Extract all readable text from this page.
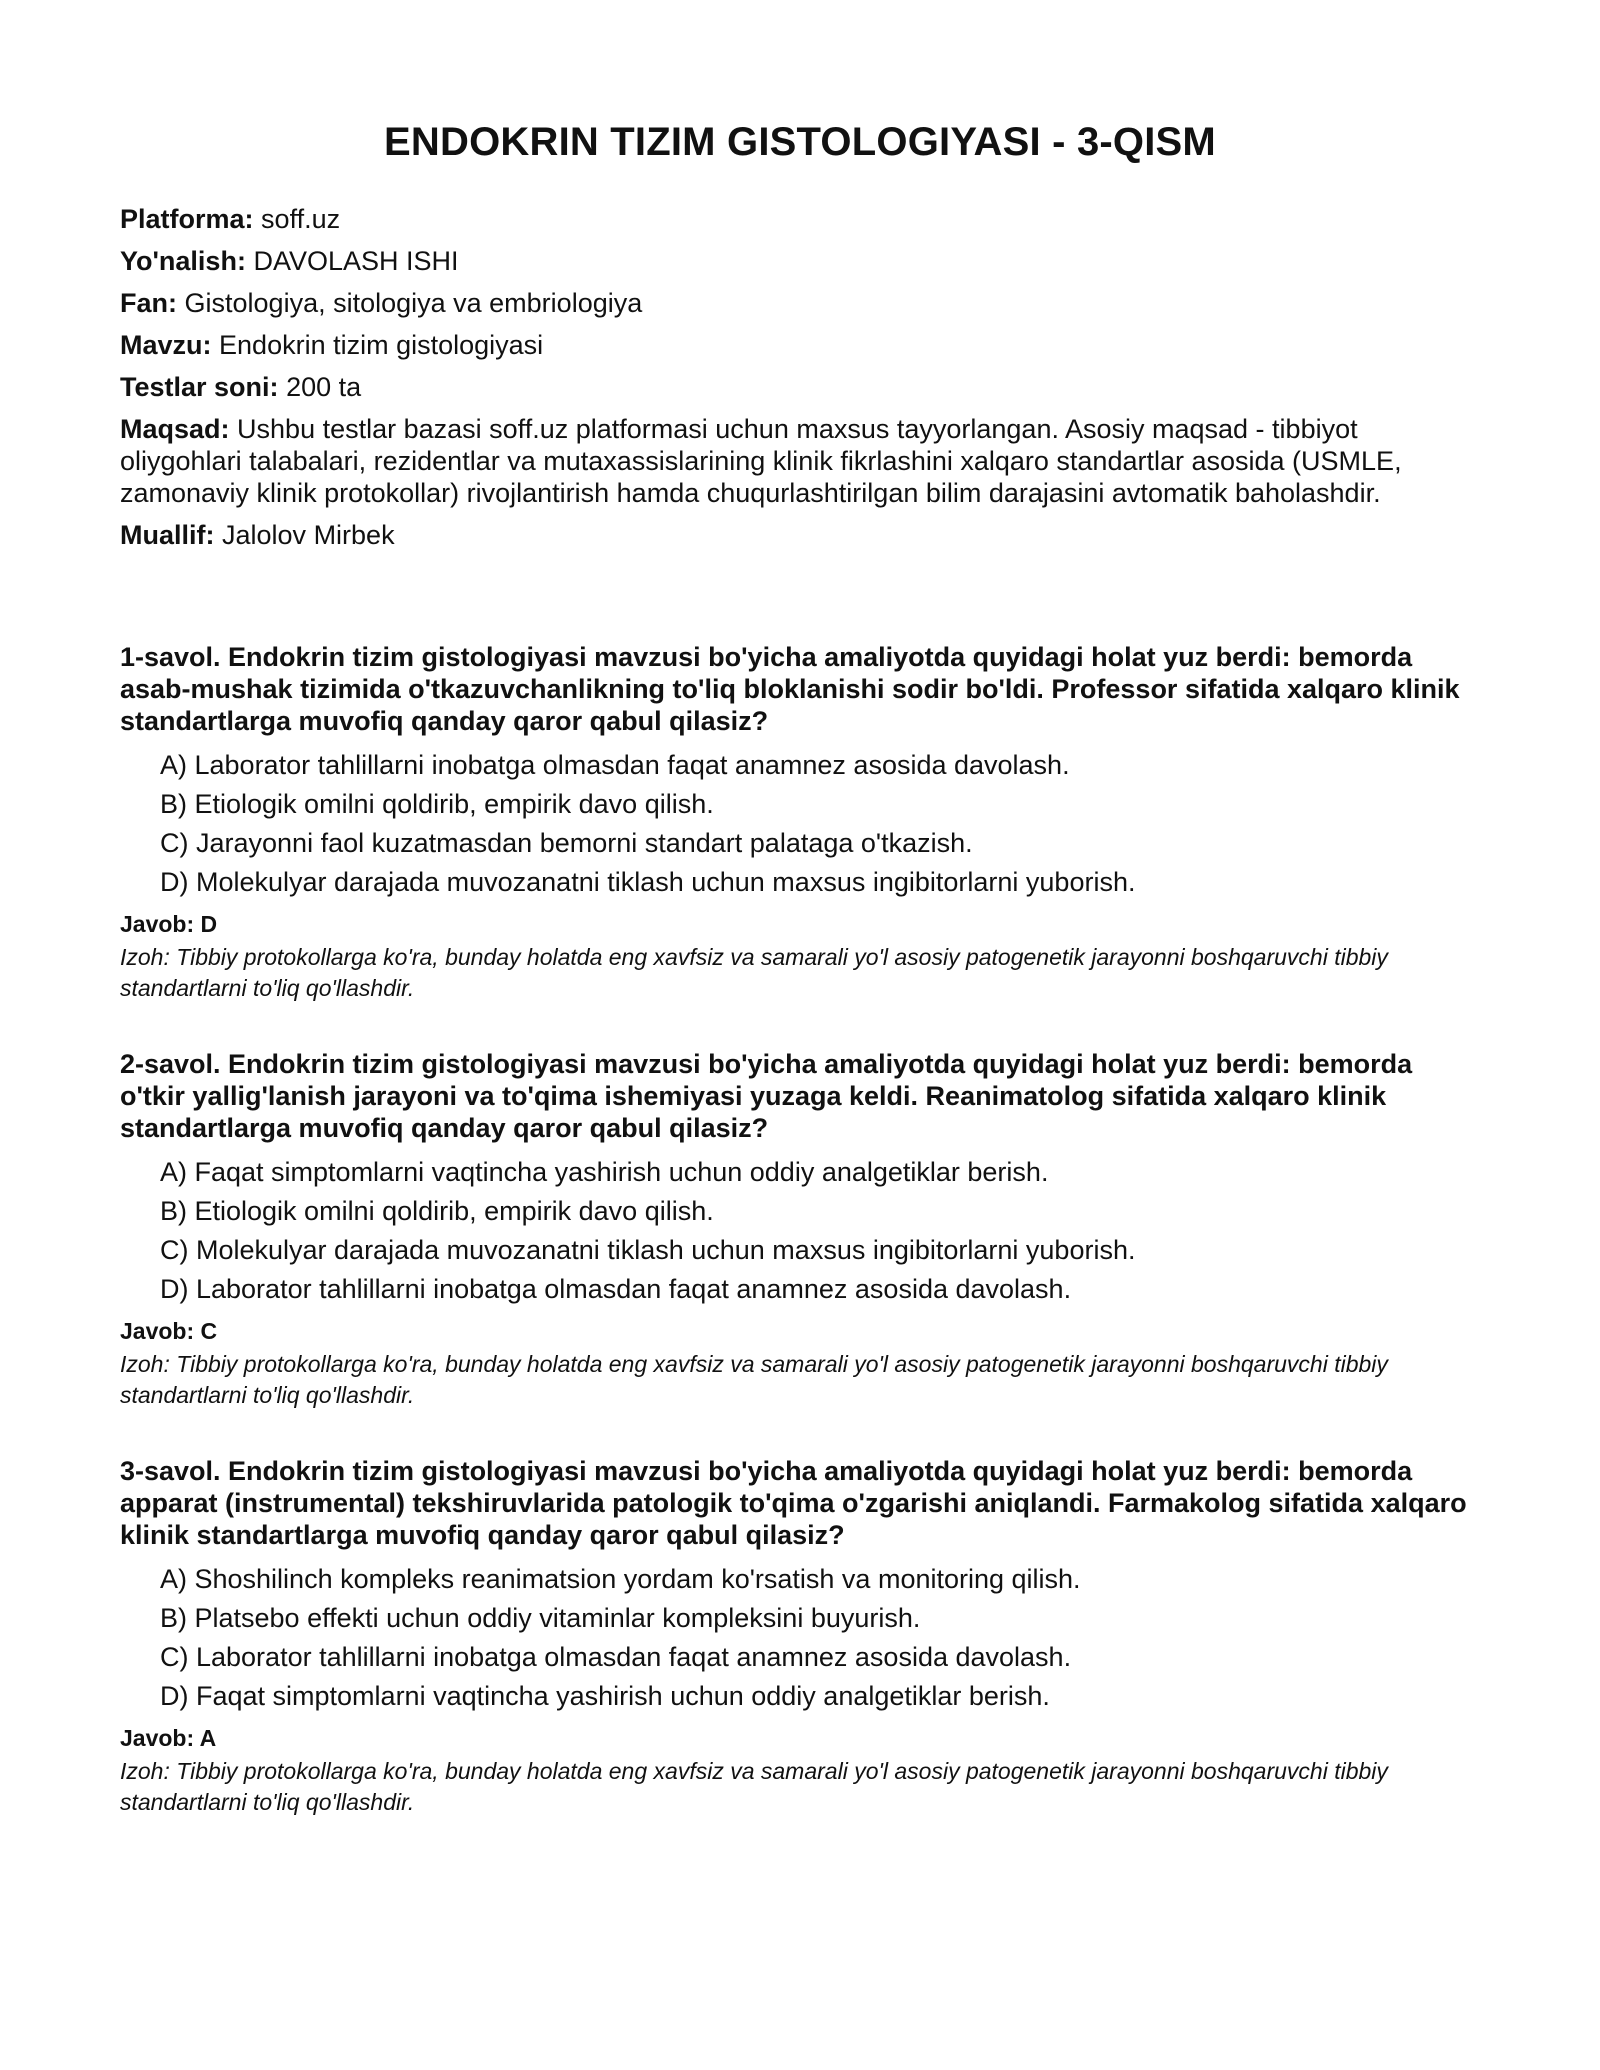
ENDOKRIN TIZIM GISTOLOGIYASI - 3-QISM
Platforma: soff.uz
Yo'nalish: DAVOLASH ISHI
Fan: Gistologiya, sitologiya va embriologiya
Mavzu: Endokrin tizim gistologiyasi
Testlar soni: 200 ta
Maqsad: Ushbu testlar bazasi soff.uz platformasi uchun maxsus tayyorlangan. Asosiy maqsad - tibbiyot oliygohlari talabalari, rezidentlar va mutaxassislarining klinik fikrlashini xalqaro standartlar asosida (USMLE, zamonaviy klinik protokollar) rivojlantirish hamda chuqurlashtirilgan bilim darajasini avtomatik baholashdir.
Muallif: Jalolov Mirbek

1-savol. Endokrin tizim gistologiyasi mavzusi bo'yicha amaliyotda quyidagi holat yuz berdi: bemorda asab-mushak tizimida o'tkazuvchanlikning to'liq bloklanishi sodir bo'ldi. Professor sifatida xalqaro klinik standartlarga muvofiq qanday qaror qabul qilasiz?

A) Laborator tahlillarni inobatga olmasdan faqat anamnez asosida davolash.
B) Etiologik omilni qoldirib, empirik davo qilish.
C) Jarayonni faol kuzatmasdan bemorni standart palataga o'tkazish.
D) Molekulyar darajada muvozanatni tiklash uchun maxsus ingibitorlarni yuborish.
Javob: D
Izoh: Tibbiy protokollarga ko'ra, bunday holatda eng xavfsiz va samarali yo'l asosiy patogenetik jarayonni boshqaruvchi tibbiy standartlarni to'liq qo'llashdir.

2-savol. Endokrin tizim gistologiyasi mavzusi bo'yicha amaliyotda quyidagi holat yuz berdi: bemorda o'tkir yallig'lanish jarayoni va to'qima ishemiyasi yuzaga keldi. Reanimatolog sifatida xalqaro klinik standartlarga muvofiq qanday qaror qabul qilasiz?

A) Faqat simptomlarni vaqtincha yashirish uchun oddiy analgetiklar berish.
B) Etiologik omilni qoldirib, empirik davo qilish.
C) Molekulyar darajada muvozanatni tiklash uchun maxsus ingibitorlarni yuborish.
D) Laborator tahlillarni inobatga olmasdan faqat anamnez asosida davolash.
Javob: C
Izoh: Tibbiy protokollarga ko'ra, bunday holatda eng xavfsiz va samarali yo'l asosiy patogenetik jarayonni boshqaruvchi tibbiy standartlarni to'liq qo'llashdir.

3-savol. Endokrin tizim gistologiyasi mavzusi bo'yicha amaliyotda quyidagi holat yuz berdi: bemorda apparat (instrumental) tekshiruvlarida patologik to'qima o'zgarishi aniqlandi. Farmakolog sifatida xalqaro klinik standartlarga muvofiq qanday qaror qabul qilasiz?

A) Shoshilinch kompleks reanimatsion yordam ko'rsatish va monitoring qilish.
B) Platsebo effekti uchun oddiy vitaminlar kompleksini buyurish.
C) Laborator tahlillarni inobatga olmasdan faqat anamnez asosida davolash.
D) Faqat simptomlarni vaqtincha yashirish uchun oddiy analgetiklar berish.
Javob: A
Izoh: Tibbiy protokollarga ko'ra, bunday holatda eng xavfsiz va samarali yo'l asosiy patogenetik jarayonni boshqaruvchi tibbiy standartlarni to'liq qo'llashdir.
